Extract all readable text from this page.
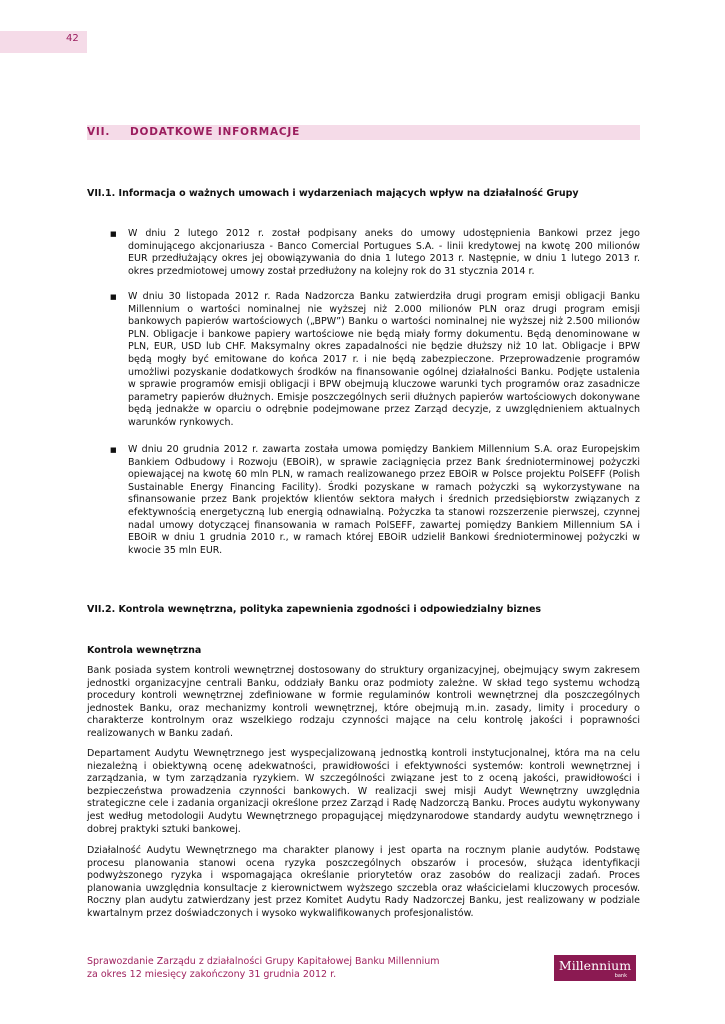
42
VII. DODATKOWE INFORMACJE
VII.1. Informacja o ważnych umowach i wydarzeniach mających wpływ na działalność Grupy
■ W dniu 2 lutego 2012 r. został podpisany aneks do umowy udostępnienia Bankowi przez jego dominującego akcjonariusza - Banco Comercial Portugues S.A. - linii kredytowej na kwotę 200 milionów EUR przedłużający okres jej obowiązywania do dnia 1 lutego 2013 r. Następnie, w dniu 1 lutego 2013 r. okres przedmiotowej umowy został przedłużony na kolejny rok do 31 stycznia 2014 r.
■ W dniu 30 listopada 2012 r. Rada Nadzorcza Banku zatwierdziła drugi program emisji obligacji Banku Millennium o wartości nominalnej nie wyższej niż 2.000 milionów PLN oraz drugi program emisji bankowych papierów wartościowych („BPW”) Banku o wartości nominalnej nie wyższej niż 2.500 milionów PLN. Obligacje i bankowe papiery wartościowe nie będą miały formy dokumentu. Będą denominowane w PLN, EUR, USD lub CHF. Maksymalny okres zapadalności nie będzie dłuższy niż 10 lat. Obligacje i BPW będą mogły być emitowane do końca 2017 r. i nie będą zabezpieczone. Przeprowadzenie programów umożliwi pozyskanie dodatkowych środków na finansowanie ogólnej działalności Banku. Podjęte ustalenia w sprawie programów emisji obligacji i BPW obejmują kluczowe warunki tych programów oraz zasadnicze parametry papierów dłużnych. Emisje poszczególnych serii dłużnych papierów wartościowych dokonywane będą jednakże w oparciu o odrębnie podejmowane przez Zarząd decyzje, z uwzględnieniem aktualnych warunków rynkowych.
■ W dniu 20 grudnia 2012 r. zawarta została umowa pomiędzy Bankiem Millennium S.A. oraz Europejskim Bankiem Odbudowy i Rozwoju (EBOiR), w sprawie zaciągnięcia przez Bank średnioterminowej pożyczki opiewającej na kwotę 60 mln PLN, w ramach realizowanego przez EBOiR w Polsce projektu PolSEFF (Polish Sustainable Energy Financing Facility). Środki pozyskane w ramach pożyczki są wykorzystywane na sfinansowanie przez Bank projektów klientów sektora małych i średnich przedsiębiorstw związanych z efektywnością energetyczną lub energią odnawialną. Pożyczka ta stanowi rozszerzenie pierwszej, czynnej nadal umowy dotyczącej finansowania w ramach PolSEFF, zawartej pomiędzy Bankiem Millennium SA i EBOiR w dniu 1 grudnia 2010 r., w ramach której EBOiR udzielił Bankowi średnioterminowej pożyczki w kwocie 35 mln EUR.
VII.2. Kontrola wewnętrzna, polityka zapewnienia zgodności i odpowiedzialny biznes
Kontrola wewnętrzna
Bank posiada system kontroli wewnętrznej dostosowany do struktury organizacyjnej, obejmujący swym zakresem jednostki organizacyjne centrali Banku, oddziały Banku oraz podmioty zależne. W skład tego systemu wchodzą procedury kontroli wewnętrznej zdefiniowane w formie regulaminów kontroli wewnętrznej dla poszczególnych jednostek Banku, oraz mechanizmy kontroli wewnętrznej, które obejmują m.in. zasady, limity i procedury o charakterze kontrolnym oraz wszelkiego rodzaju czynności mające na celu kontrolę jakości i poprawności realizowanych w Banku zadań.
Departament Audytu Wewnętrznego jest wyspecjalizowaną jednostką kontroli instytucjonalnej, która ma na celu niezależną i obiektywną ocenę adekwatności, prawidłowości i efektywności systemów: kontroli wewnętrznej i zarządzania, w tym zarządzania ryzykiem. W szczególności związane jest to z oceną jakości, prawidłowości i bezpieczeństwa prowadzenia czynności bankowych. W realizacji swej misji Audyt Wewnętrzny uwzględnia strategiczne cele i zadania organizacji określone przez Zarząd i Radę Nadzorczą Banku. Proces audytu wykonywany jest według metodologii Audytu Wewnętrznego propagującej międzynarodowe standardy audytu wewnętrznego i dobrej praktyki sztuki bankowej.
Działalność Audytu Wewnętrznego ma charakter planowy i jest oparta na rocznym planie audytów. Podstawę procesu planowania stanowi ocena ryzyka poszczególnych obszarów i procesów, służąca identyfikacji podwyższonego ryzyka i wspomagająca określanie priorytetów oraz zasobów do realizacji zadań. Proces planowania uwzględnia konsultacje z kierownictwem wyższego szczebla oraz właścicielami kluczowych procesów. Roczny plan audytu zatwierdzany jest przez Komitet Audytu Rady Nadzorczej Banku, jest realizowany w podziale kwartalnym przez doświadczonych i wysoko wykwalifikowanych profesjonalistów.
Sprawozdanie Zarządu z działalności Grupy Kapitałowej Banku Millennium
za okres 12 miesięcy zakończony 31 grudnia 2012 r.
Millennium
bank
